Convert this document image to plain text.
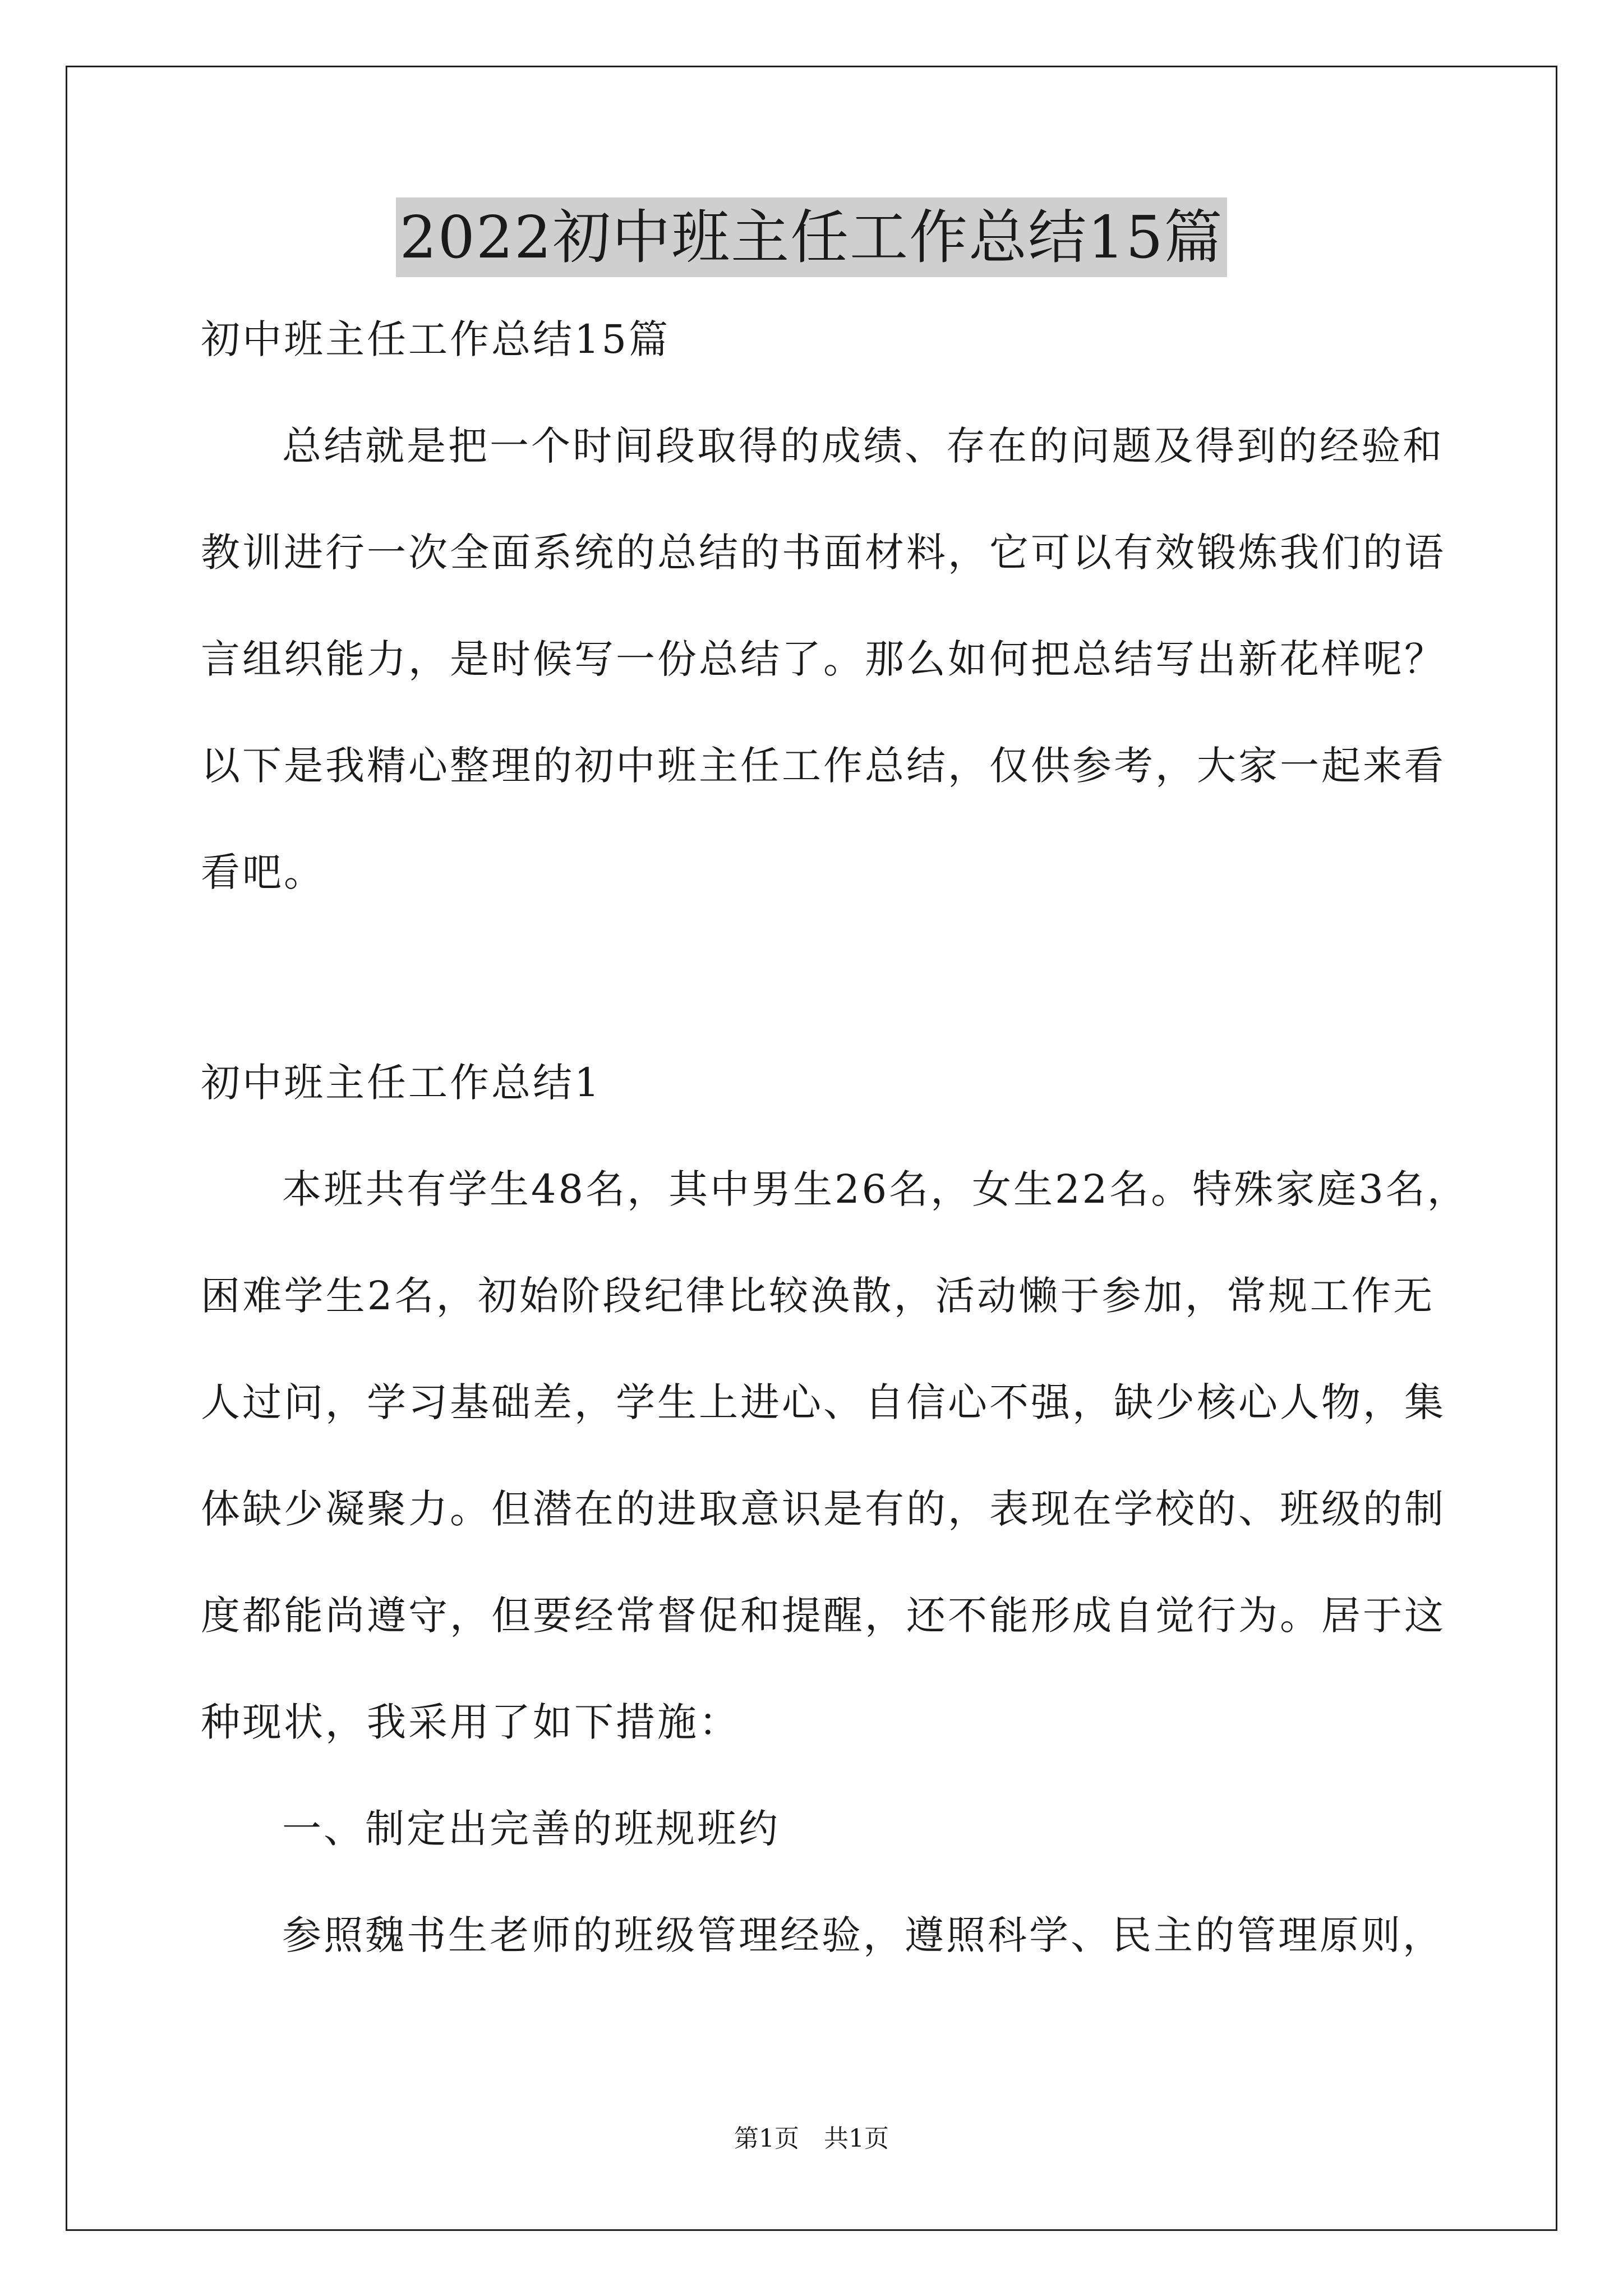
2022初中班主任工作总结15篇
初中班主任工作总结15篇
总结就是把一个时间段取得的成绩、存在的问题及得到的经验和
教训进行一次全面系统的总结的书面材料，它可以有效锻炼我们的语
言组织能力，是时候写一份总结了。那么如何把总结写出新花样呢？
以下是我精心整理的初中班主任工作总结，仅供参考，大家一起来看
看吧。
初中班主任工作总结1
本班共有学生48名，其中男生26名，女生22名。特殊家庭3名，
困难学生2名，初始阶段纪律比较涣散，活动懒于参加，常规工作无
人过问，学习基础差，学生上进心、自信心不强，缺少核心人物，集
体缺少凝聚力。但潜在的进取意识是有的，表现在学校的、班级的制
度都能尚遵守，但要经常督促和提醒，还不能形成自觉行为。居于这
种现状，我采用了如下措施：
一、制定出完善的班规班约
参照魏书生老师的班级管理经验，遵照科学、民主的管理原则，
第1页　共1页
